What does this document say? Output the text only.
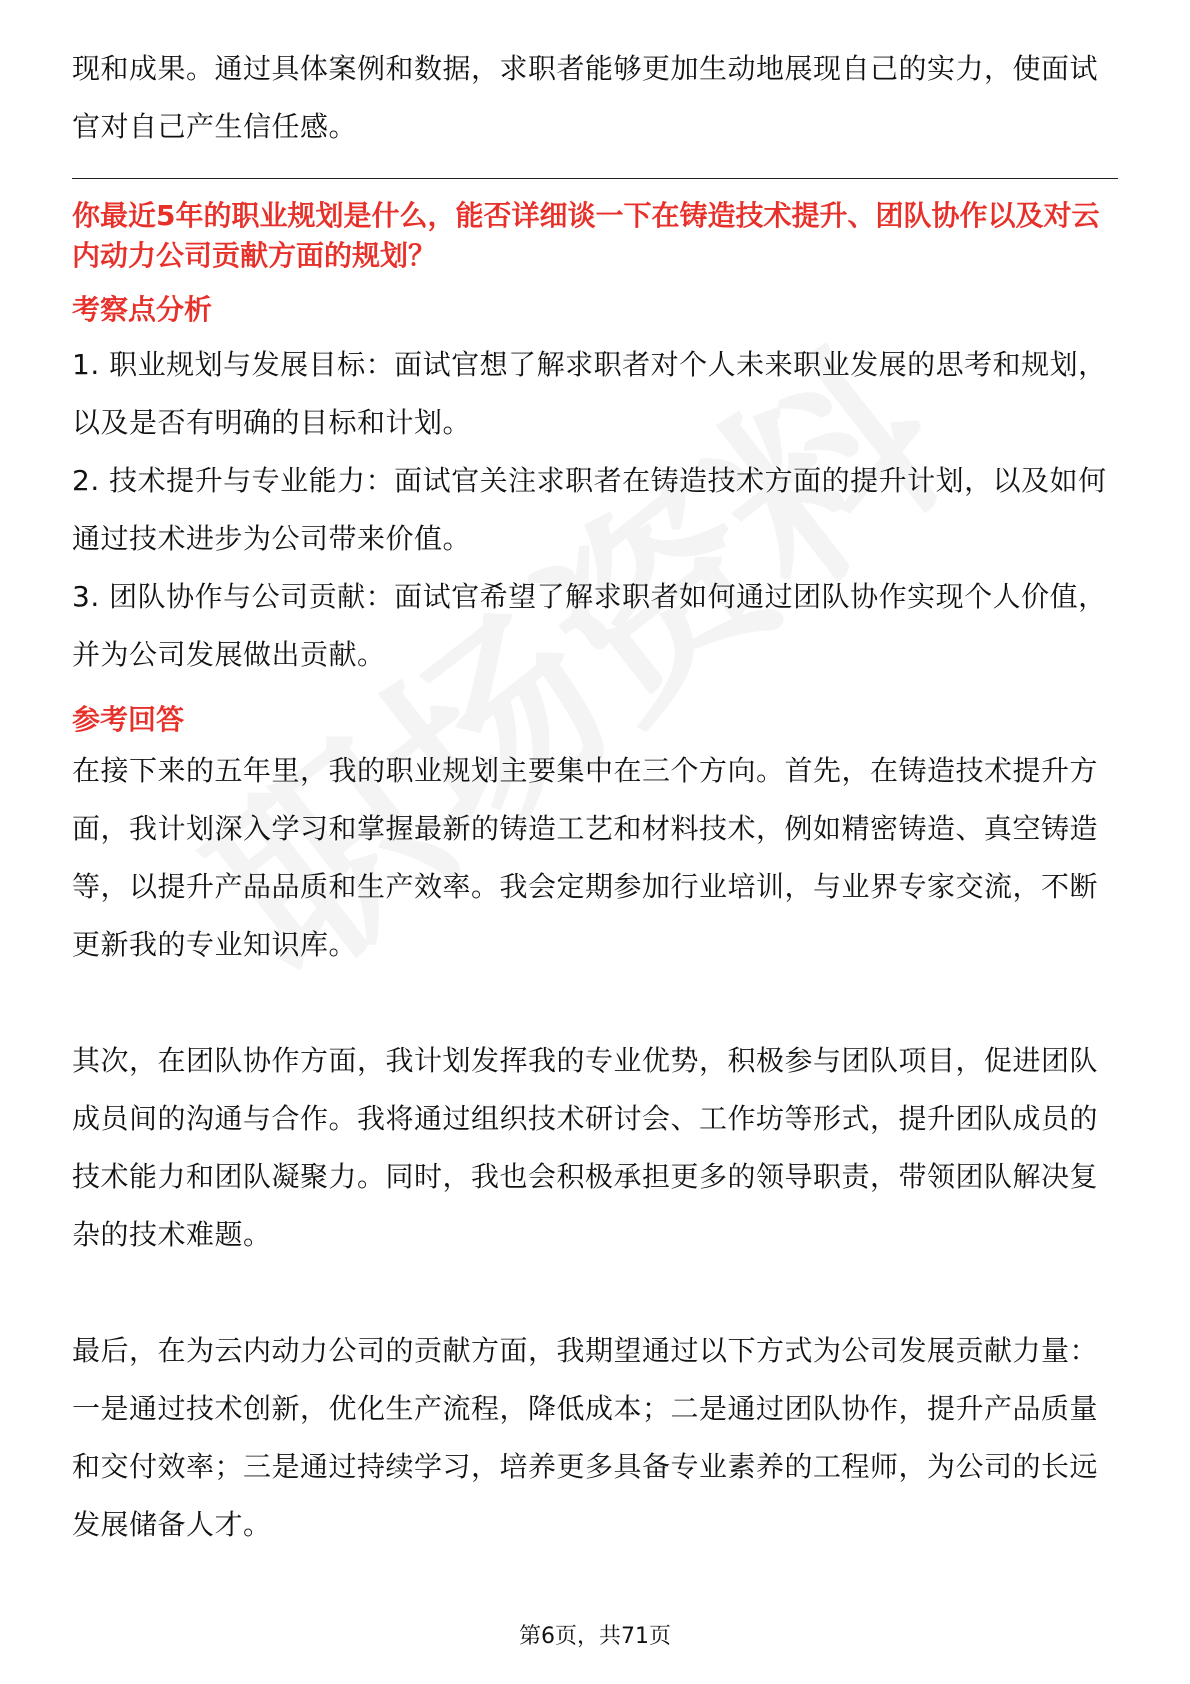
现和成果。通过具体案例和数据，求职者能够更加生动地展现自己的实力，使面试官对自己产生信任感。

你最近5年的职业规划是什么，能否详细谈一下在铸造技术提升、团队协作以及对云内动力公司贡献方面的规划？

考察点分析

1. 职业规划与发展目标：面试官想了解求职者对个人未来职业发展的思考和规划，以及是否有明确的目标和计划。

2. 技术提升与专业能力：面试官关注求职者在铸造技术方面的提升计划，以及如何通过技术进步为公司带来价值。

3. 团队协作与公司贡献：面试官希望了解求职者如何通过团队协作实现个人价值，并为公司发展做出贡献。

参考回答

在接下来的五年里，我的职业规划主要集中在三个方向。首先，在铸造技术提升方面，我计划深入学习和掌握最新的铸造工艺和材料技术，例如精密铸造、真空铸造等，以提升产品品质和生产效率。我会定期参加行业培训，与业界专家交流，不断更新我的专业知识库。

其次，在团队协作方面，我计划发挥我的专业优势，积极参与团队项目，促进团队成员间的沟通与合作。我将通过组织技术研讨会、工作坊等形式，提升团队成员的技术能力和团队凝聚力。同时，我也会积极承担更多的领导职责，带领团队解决复杂的技术难题。

最后，在为云内动力公司的贡献方面，我期望通过以下方式为公司发展贡献力量：一是通过技术创新，优化生产流程，降低成本；二是通过团队协作，提升产品质量和交付效率；三是通过持续学习，培养更多具备专业素养的工程师，为公司的长远发展储备人才。

第6页，共71页
